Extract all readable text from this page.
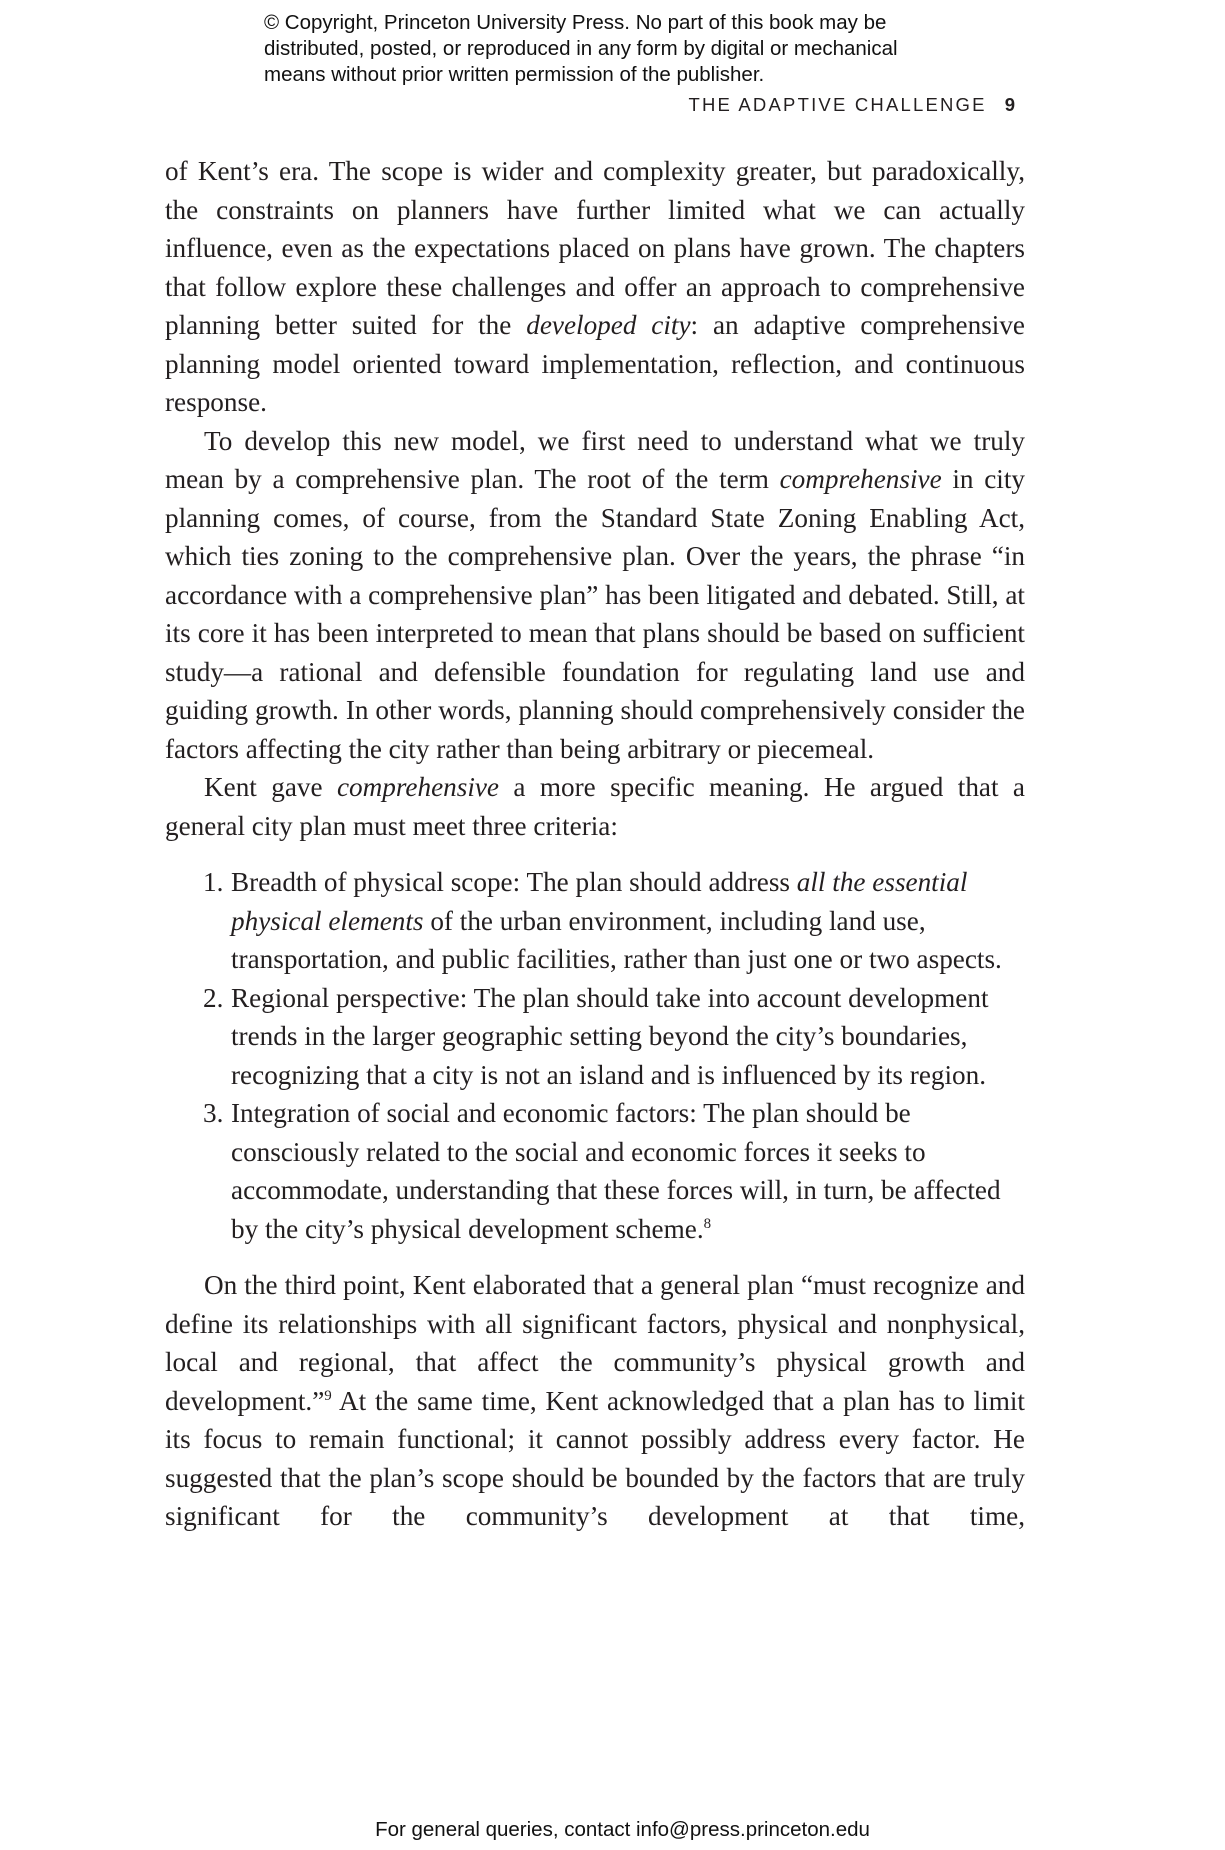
© Copyright, Princeton University Press. No part of this book may be
distributed, posted, or reproduced in any form by digital or mechanical
means without prior written permission of the publisher.
THE ADAPTIVE CHALLENGE 9

of Kent’s era. The scope is wider and complexity greater, but paradoxically, the constraints on planners have further limited what we can actually influence, even as the expectations placed on plans have grown. The chapters that follow explore these challenges and offer an approach to comprehensive planning better suited for the developed city: an adaptive comprehensive planning model oriented toward implementation, reflection, and continuous response.

To develop this new model, we first need to understand what we truly mean by a comprehensive plan. The root of the term comprehensive in city planning comes, of course, from the Standard State Zoning Enabling Act, which ties zoning to the comprehensive plan. Over the years, the phrase “in accordance with a comprehensive plan” has been litigated and debated. Still, at its core it has been interpreted to mean that plans should be based on sufficient study—a rational and defensible foundation for regulating land use and guiding growth. In other words, planning should comprehensively consider the factors affecting the city rather than being arbitrary or piecemeal.

Kent gave comprehensive a more specific meaning. He argued that a general city plan must meet three criteria:

1. Breadth of physical scope: The plan should address all the essential physical elements of the urban environment, including land use, transportation, and public facilities, rather than just one or two aspects.
2. Regional perspective: The plan should take into account development trends in the larger geographic setting beyond the city’s boundaries, recognizing that a city is not an island and is influenced by its region.
3. Integration of social and economic factors: The plan should be consciously related to the social and economic forces it seeks to accommodate, understanding that these forces will, in turn, be affected by the city’s physical development scheme.$^8$

On the third point, Kent elaborated that a general plan “must recognize and define its relationships with all significant factors, physical and nonphysical, local and regional, that affect the community’s physical growth and development.”$^9$ At the same time, Kent acknowledged that a plan has to limit its focus to remain functional; it cannot possibly address every factor. He suggested that the plan’s scope should be bounded by the factors that are truly significant for the community’s development at that time,

For general queries, contact info@press.princeton.edu
